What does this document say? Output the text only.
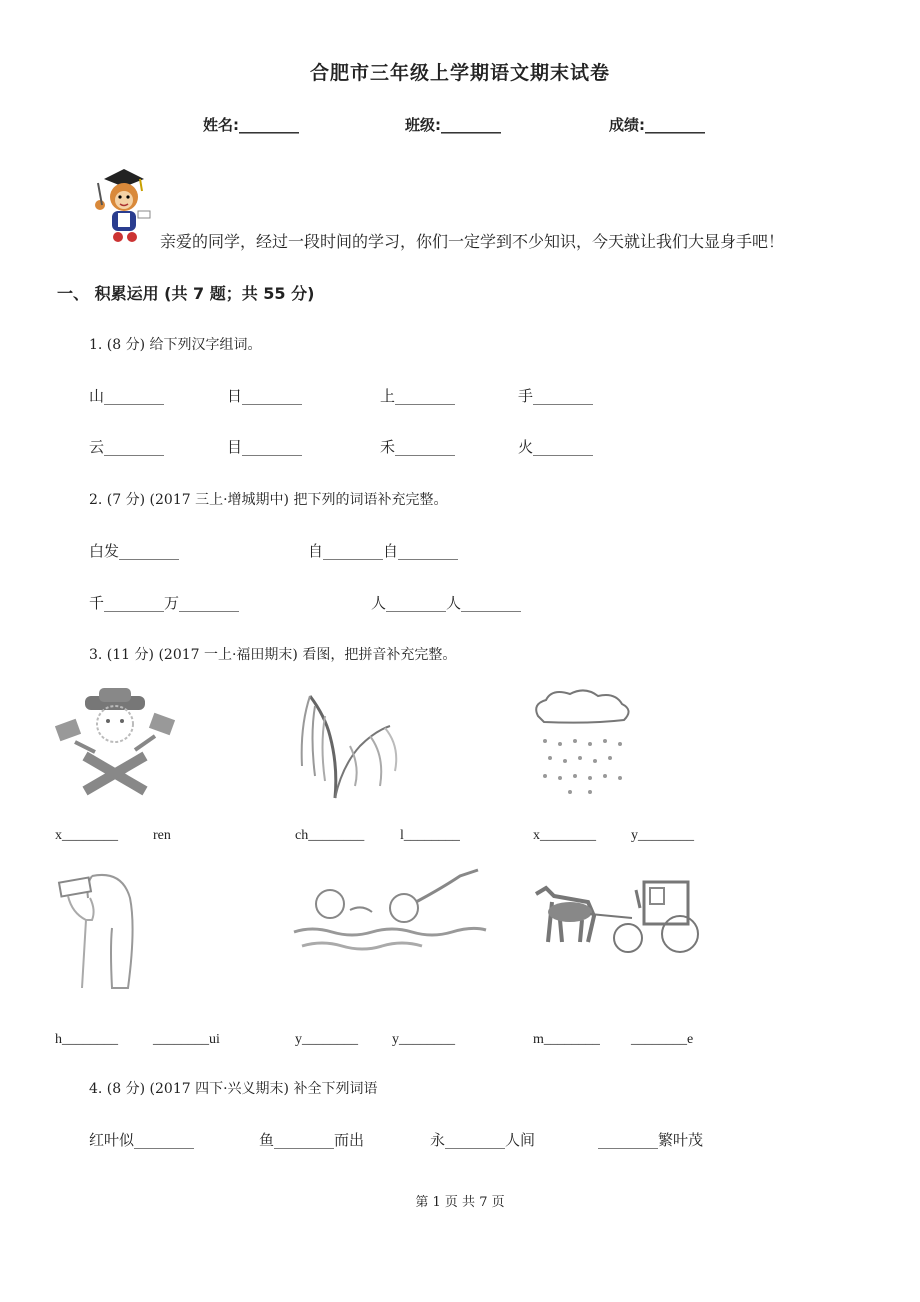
合肥市三年级上学期语文期末试卷
姓名:________	班级:________	成绩:________
亲爱的同学，经过一段时间的学习，你们一定学到不少知识，今天就让我们大显身手吧！
一、 积累运用 (共 7 题；共 55 分)
1. (8 分) 给下列汉字组词。
山________	日________	上________	手________
云________	目________	禾________	火________
2. (7 分) (2017 三上·增城期中) 把下列的词语补充完整。
白发________	自________自________
千________万________	人________人________
3. (11 分) (2017 一上·福田期末) 看图，把拼音补充完整。
x________	ren	ch________	l________	x________	y________
h________	________ui	y________ y________	m________ ________e
4. (8 分) (2017 四下·兴义期末) 补全下列词语
红叶似________	鱼________而出	永________人间	________繁叶茂
第 1 页 共 7 页
